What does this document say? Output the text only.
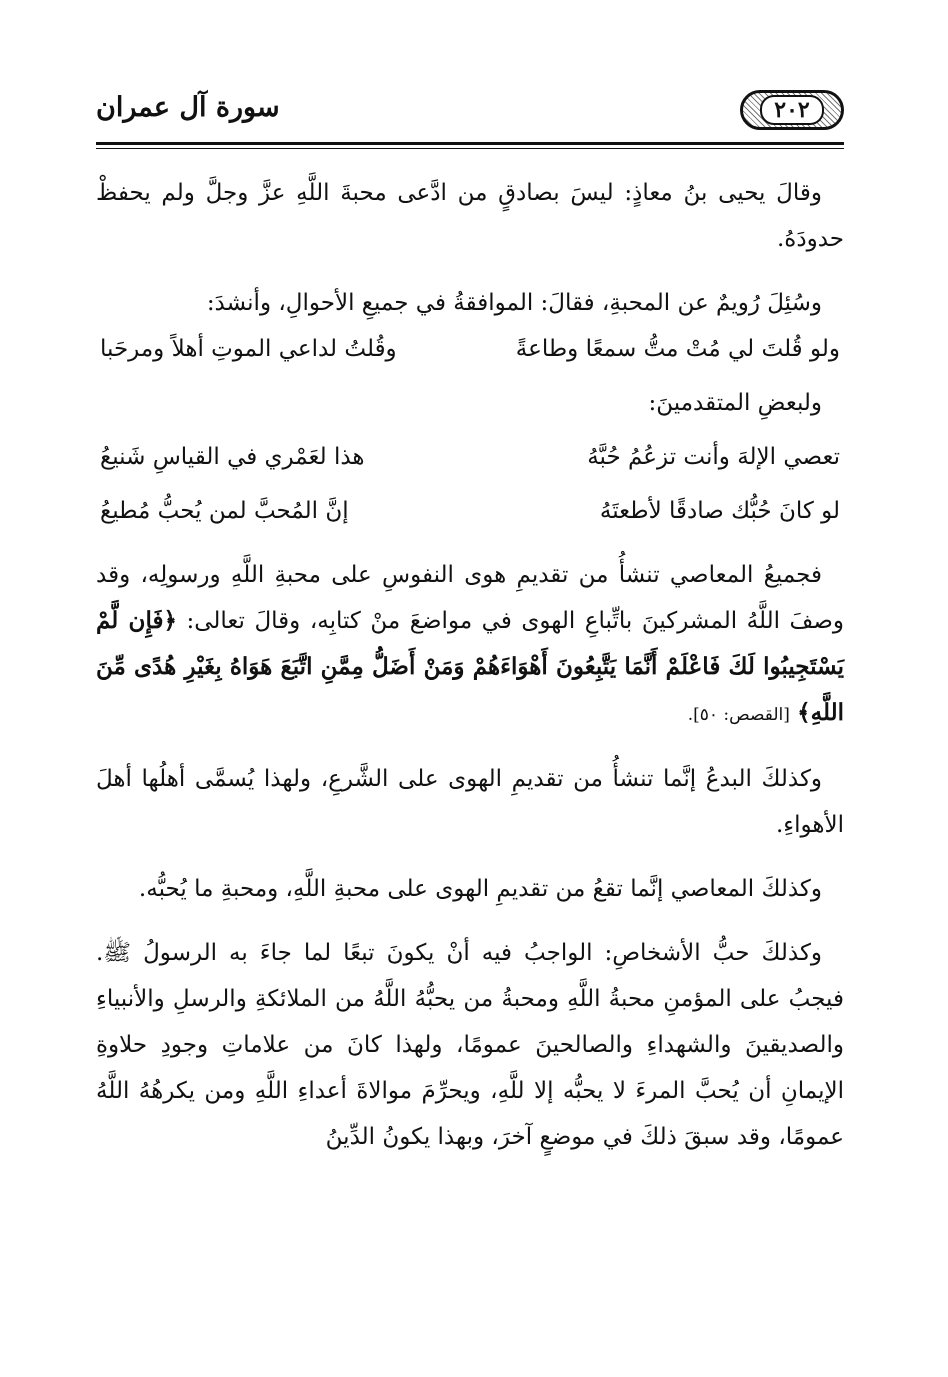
٢٠٢
سورة آل عمران

وقالَ يحيى بنُ معاذٍ: ليسَ بصادقٍ من ادَّعى محبةَ اللَّهِ عزَّ وجلَّ ولم يحفظْ حدودَهُ.

وسُئِلَ رُويمٌ عن المحبةِ، فقالَ: الموافقةُ في جميعِ الأحوالِ، وأنشدَ:

ولو قُلتَ لي مُتْ متُّ سمعًا وطاعةً
وقُلتُ لداعي الموتِ أهلاً ومرحَبا

ولبعضِ المتقدمينَ:

تعصي الإلهَ وأنت تزعُمُ حُبَّهُ
هذا لعَمْري في القياسِ شَنيعُ
لو كانَ حُبُّك صادقًا لأطعتَهُ
إنَّ المُحبَّ لمن يُحبُّ مُطيعُ

فجميعُ المعاصي تنشأُ من تقديمِ هوى النفوسِ على محبةِ اللَّهِ ورسولِه، وقد وصفَ اللَّهُ المشركينَ باتِّباعِ الهوى في مواضعَ منْ كتابِه، وقالَ تعالى: ﴿فَإِن لَّمْ يَسْتَجِيبُوا لَكَ فَاعْلَمْ أَنَّمَا يَتَّبِعُونَ أَهْوَاءَهُمْ وَمَنْ أَضَلُّ مِمَّنِ اتَّبَعَ هَوَاهُ بِغَيْرِ هُدًى مِّنَ اللَّهِ﴾ [القصص: ٥٠].

وكذلكَ البدعُ إنَّما تنشأُ من تقديمِ الهوى على الشَّرعِ، ولهذا يُسمَّى أهلُها أهلَ الأهواءِ.

وكذلكَ المعاصي إنَّما تقعُ من تقديمِ الهوى على محبةِ اللَّهِ، ومحبةِ ما يُحبُّه.

وكذلكَ حبُّ الأشخاصِ: الواجبُ فيه أنْ يكونَ تبعًا لما جاءَ به الرسولُ ﷺ. فيجبُ على المؤمنِ محبةُ اللَّهِ ومحبةُ من يحبُّهُ اللَّهُ من الملائكةِ والرسلِ والأنبياءِ والصديقينَ والشهداءِ والصالحينَ عمومًا، ولهذا كانَ من علاماتِ وجودِ حلاوةِ الإيمانِ أن يُحبَّ المرءَ لا يحبُّه إلا للَّهِ، ويحرِّمَ موالاةَ أعداءِ اللَّهِ ومن يكرهُهُ اللَّهُ عمومًا، وقد سبقَ ذلكَ في موضعٍ آخرَ، وبهذا يكونُ الدِّينُ
